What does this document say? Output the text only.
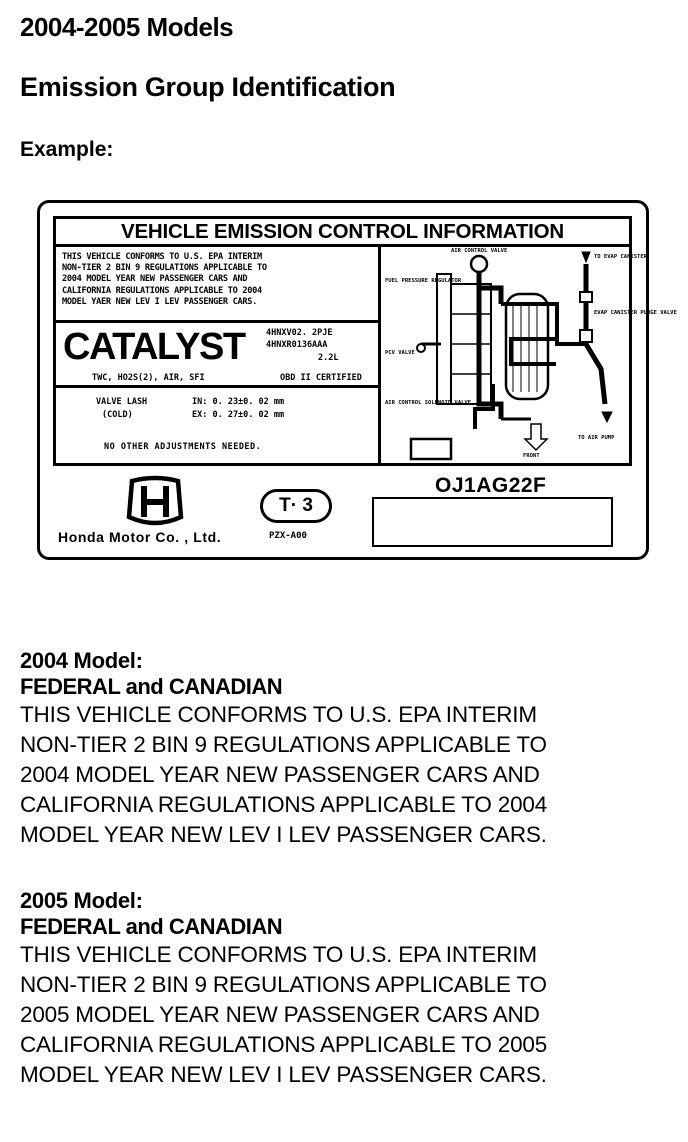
2004-2005 Models
Emission Group Identification
Example:
VEHICLE EMISSION CONTROL INFORMATION
THIS VEHICLE CONFORMS TO U.S. EPA INTERIM
NON-TIER 2 BIN 9 REGULATIONS APPLICABLE TO
2004 MODEL YEAR NEW PASSENGER CARS AND
CALIFORNIA REGULATIONS APPLICABLE TO 2004
MODEL YAER NEW LEV I LEV PASSENGER CARS.
CATALYST	4HNXV02. 2PJE
4HNXR0136AAA
2.2L
TWC, HO2S(2), AIR, SFI	OBD II CERTIFIED
VALVE LASH	IN: 0. 23±0. 02 mm
(COLD)	EX: 0. 27±0. 02 mm
NO OTHER ADJUSTMENTS NEEDED.
AIR CONTROL VALVE
TO EVAP CANISTER
FUEL PRESSURE REGULATOR
EVAP CANISTER PURGE VALVE
PCV VALVE
AIR CONTROL SOLENOID VALVE
FRONT
TO AIR PUMP
Honda Motor Co. , Ltd.	PZX-A00
T· 3
OJ1AG22F
2004 Model:
FEDERAL and CANADIAN
THIS VEHICLE CONFORMS TO U.S. EPA INTERIM
NON-TIER 2 BIN 9 REGULATIONS APPLICABLE TO
2004 MODEL YEAR NEW PASSENGER CARS AND
CALIFORNIA REGULATIONS APPLICABLE TO 2004
MODEL YEAR NEW LEV I LEV PASSENGER CARS.
2005 Model:
FEDERAL and CANADIAN
THIS VEHICLE CONFORMS TO U.S. EPA INTERIM
NON-TIER 2 BIN 9 REGULATIONS APPLICABLE TO
2005 MODEL YEAR NEW PASSENGER CARS AND
CALIFORNIA REGULATIONS APPLICABLE TO 2005
MODEL YEAR NEW LEV I LEV PASSENGER CARS.
